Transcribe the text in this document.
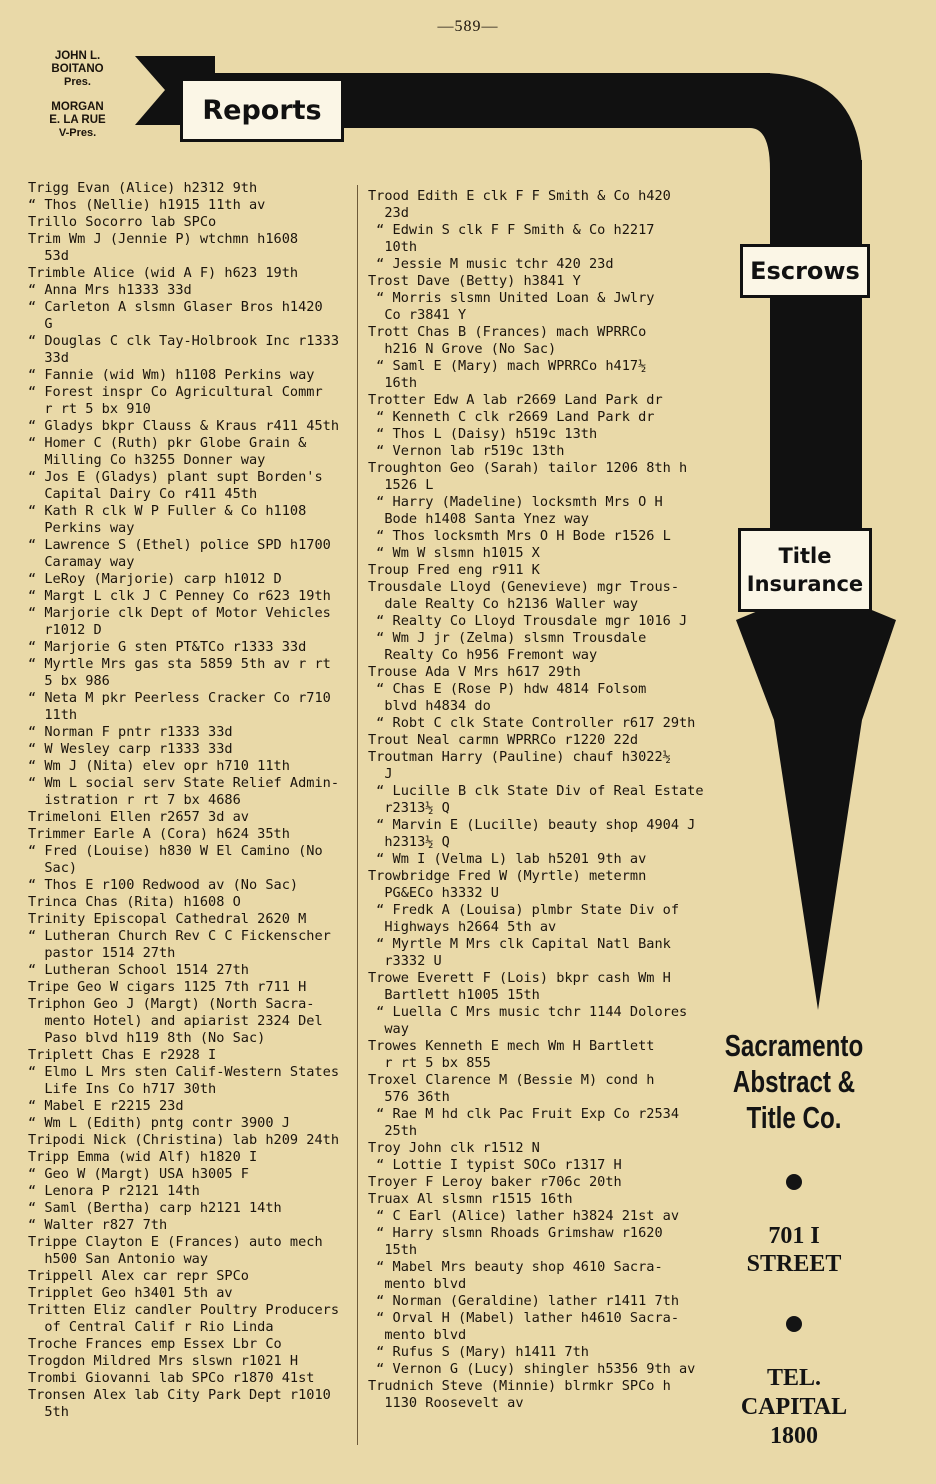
—589—
JOHN L.
BOITANO
Pres.
MORGAN
E. LA RUE
V-Pres.
Reports
Escrows
Title
Insurance
Trigg Evan (Alice) h2312 9th
“ Thos (Nellie) h1915 11th av
Trillo Socorro lab SPCo
Trim Wm J (Jennie P) wtchmn h1608
53d
Trimble Alice (wid A F) h623 19th
“ Anna Mrs h1333 33d
“ Carleton A slsmn Glaser Bros h1420
G
“ Douglas C clk Tay-Holbrook Inc r1333
33d
“ Fannie (wid Wm) h1108 Perkins way
“ Forest inspr Co Agricultural Commr
r rt 5 bx 910
“ Gladys bkpr Clauss & Kraus r411 45th
“ Homer C (Ruth) pkr Globe Grain &
Milling Co h3255 Donner way
“ Jos E (Gladys) plant supt Borden's
Capital Dairy Co r411 45th
“ Kath R clk W P Fuller & Co h1108
Perkins way
“ Lawrence S (Ethel) police SPD h1700
Caramay way
“ LeRoy (Marjorie) carp h1012 D
“ Margt L clk J C Penney Co r623 19th
“ Marjorie clk Dept of Motor Vehicles
r1012 D
“ Marjorie G sten PT&TCo r1333 33d
“ Myrtle Mrs gas sta 5859 5th av r rt
5 bx 986
“ Neta M pkr Peerless Cracker Co r710
11th
“ Norman F pntr r1333 33d
“ W Wesley carp r1333 33d
“ Wm J (Nita) elev opr h710 11th
“ Wm L social serv State Relief Admin-
istration r rt 7 bx 4686
Trimeloni Ellen r2657 3d av
Trimmer Earle A (Cora) h624 35th
“ Fred (Louise) h830 W El Camino (No
Sac)
“ Thos E r100 Redwood av (No Sac)
Trinca Chas (Rita) h1608 O
Trinity Episcopal Cathedral 2620 M
“ Lutheran Church Rev C C Fickenscher
pastor 1514 27th
“ Lutheran School 1514 27th
Tripe Geo W cigars 1125 7th r711 H
Triphon Geo J (Margt) (North Sacra-
mento Hotel) and apiarist 2324 Del
Paso blvd h119 8th (No Sac)
Triplett Chas E r2928 I
“ Elmo L Mrs sten Calif-Western States
Life Ins Co h717 30th
“ Mabel E r2215 23d
“ Wm L (Edith) pntg contr 3900 J
Tripodi Nick (Christina) lab h209 24th
Tripp Emma (wid Alf) h1820 I
“ Geo W (Margt) USA h3005 F
“ Lenora P r2121 14th
“ Saml (Bertha) carp h2121 14th
“ Walter r827 7th
Trippe Clayton E (Frances) auto mech
h500 San Antonio way
Trippell Alex car repr SPCo
Tripplet Geo h3401 5th av
Tritten Eliz candler Poultry Producers
of Central Calif r Rio Linda
Troche Frances emp Essex Lbr Co
Trogdon Mildred Mrs slswn r1021 H
Trombi Giovanni lab SPCo r1870 41st
Tronsen Alex lab City Park Dept r1010
5th
Trood Edith E clk F F Smith & Co h420
23d
“ Edwin S clk F F Smith & Co h2217
10th
“ Jessie M music tchr 420 23d
Trost Dave (Betty) h3841 Y
“ Morris slsmn United Loan & Jwlry
Co r3841 Y
Trott Chas B (Frances) mach WPRRCo
h216 N Grove (No Sac)
“ Saml E (Mary) mach WPRRCo h417½
16th
Trotter Edw A lab r2669 Land Park dr
“ Kenneth C clk r2669 Land Park dr
“ Thos L (Daisy) h519c 13th
“ Vernon lab r519c 13th
Troughton Geo (Sarah) tailor 1206 8th h
1526 L
“ Harry (Madeline) locksmth Mrs O H
Bode h1408 Santa Ynez way
“ Thos locksmth Mrs O H Bode r1526 L
“ Wm W slsmn h1015 X
Troup Fred eng r911 K
Trousdale Lloyd (Genevieve) mgr Trous-
dale Realty Co h2136 Waller way
“ Realty Co Lloyd Trousdale mgr 1016 J
“ Wm J jr (Zelma) slsmn Trousdale
Realty Co h956 Fremont way
Trouse Ada V Mrs h617 29th
“ Chas E (Rose P) hdw 4814 Folsom
blvd h4834 do
“ Robt C clk State Controller r617 29th
Trout Neal carmn WPRRCo r1220 22d
Troutman Harry (Pauline) chauf h3022½
J
“ Lucille B clk State Div of Real Estate
r2313½ Q
“ Marvin E (Lucille) beauty shop 4904 J
h2313½ Q
“ Wm I (Velma L) lab h5201 9th av
Trowbridge Fred W (Myrtle) metermn
PG&ECo h3332 U
“ Fredk A (Louisa) plmbr State Div of
Highways h2664 5th av
“ Myrtle M Mrs clk Capital Natl Bank
r3332 U
Trowe Everett F (Lois) bkpr cash Wm H
Bartlett h1005 15th
“ Luella C Mrs music tchr 1144 Dolores
way
Trowes Kenneth E mech Wm H Bartlett
r rt 5 bx 855
Troxel Clarence M (Bessie M) cond h
576 36th
“ Rae M hd clk Pac Fruit Exp Co r2534
25th
Troy John clk r1512 N
“ Lottie I typist SOCo r1317 H
Troyer F Leroy baker r706c 20th
Truax Al slsmn r1515 16th
“ C Earl (Alice) lather h3824 21st av
“ Harry slsmn Rhoads Grimshaw r1620
15th
“ Mabel Mrs beauty shop 4610 Sacra-
mento blvd
“ Norman (Geraldine) lather r1411 7th
“ Orval H (Mabel) lather h4610 Sacra-
mento blvd
“ Rufus S (Mary) h1411 7th
“ Vernon G (Lucy) shingler h5356 9th av
Trudnich Steve (Minnie) blrmkr SPCo h
1130 Roosevelt av
Sacramento
Abstract &
Title Co.
701 I
STREET
TEL.
CAPITAL
1800
